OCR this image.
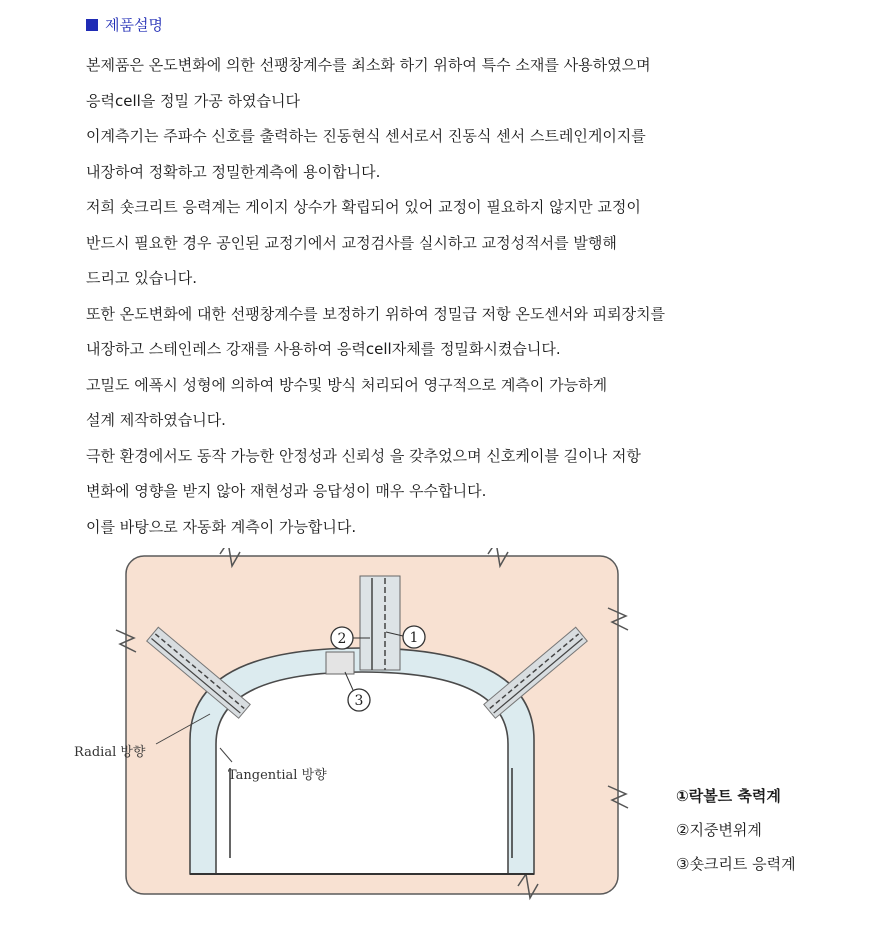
제품설명
본제품은 온도변화에 의한 선팽창계수를 최소화 하기 위하여 특수 소재를 사용하였으며
응력cell을 정밀 가공 하였습니다
이계측기는 주파수 신호를 출력하는 진동현식 센서로서 진동식 센서 스트레인게이지를
내장하여 정확하고 정밀한계측에 용이합니다.
저희 숏크리트 응력계는 게이지 상수가 확립되어 있어 교정이 필요하지 않지만 교정이
반드시 필요한 경우 공인된 교정기에서 교정검사를 실시하고 교정성적서를 발행해
드리고 있습니다.
또한 온도변화에 대한 선팽창계수를 보정하기 위하여 정밀급 저항 온도센서와 피뢰장치를
내장하고 스테인레스 강재를 사용하여 응력cell자체를 정밀화시켰습니다.
고밀도 에폭시 성형에 의하여 방수및 방식 처리되어 영구적으로 계측이 가능하게
설계 제작하였습니다.
극한 환경에서도 동작 가능한 안정성과 신뢰성 을 갖추었으며 신호케이블 길이나 저항
변화에 영향을 받지 않아 재현성과 응답성이 매우 우수합니다.
이를 바탕으로 자동화 계측이 가능합니다.
2	1
3
Radial 방향
Tangential 방향
①락볼트 축력계
②지중변위계
③숏크리트 응력계
